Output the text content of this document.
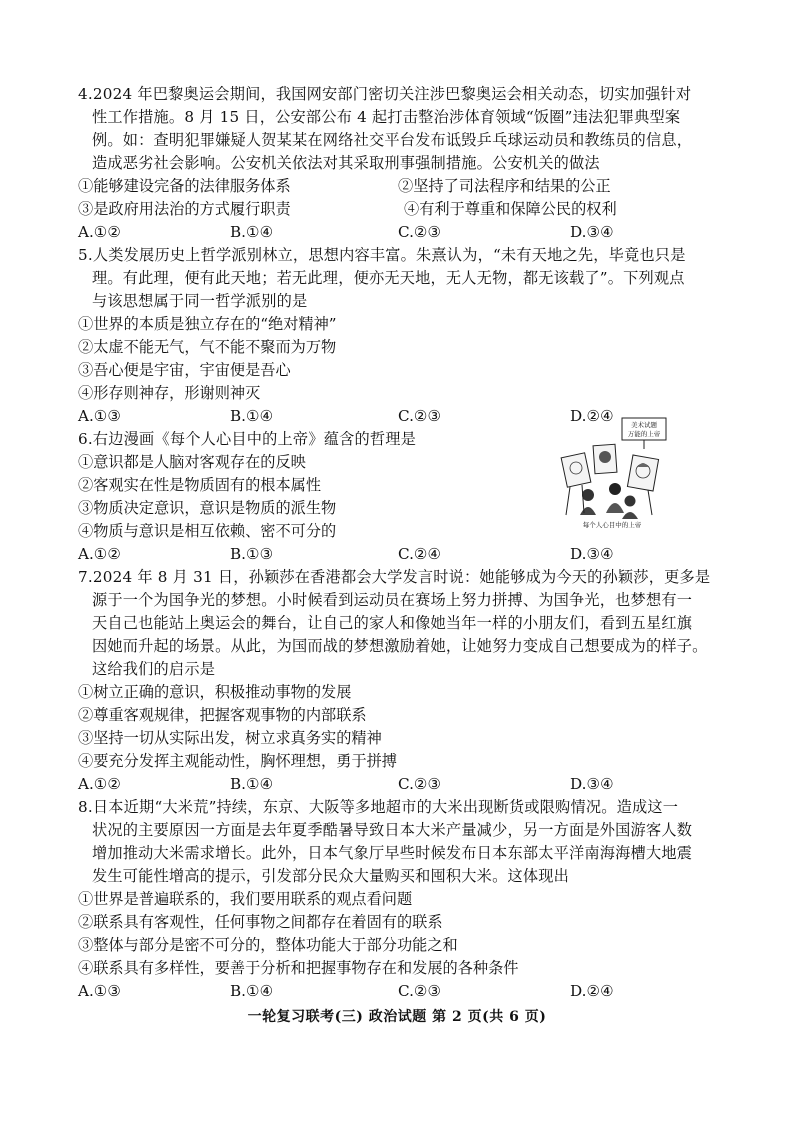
4.2024 年巴黎奥运会期间，我国网安部门密切关注涉巴黎奥运会相关动态，切实加强针对
性工作措施。8 月 15 日，公安部公布 4 起打击整治涉体育领域“饭圈”违法犯罪典型案
例。如：查明犯罪嫌疑人贺某某在网络社交平台发布诋毁乒乓球运动员和教练员的信息，
造成恶劣社会影响。公安机关依法对其采取刑事强制措施。公安机关的做法
①能够建设完备的法律服务体系	②坚持了司法程序和结果的公正
③是政府用法治的方式履行职责	④有利于尊重和保障公民的权利
A.①②	B.①④	C.②③	D.③④
5.人类发展历史上哲学派别林立，思想内容丰富。朱熹认为，“未有天地之先，毕竟也只是
理。有此理，便有此天地；若无此理，便亦无天地，无人无物，都无该载了”。下列观点
与该思想属于同一哲学派别的是
①世界的本质是独立存在的“绝对精神”
②太虚不能无气，气不能不聚而为万物
③吾心便是宇宙，宇宙便是吾心
④形存则神存，形谢则神灭
A.①③	B.①④	C.②③	D.②④
6.右边漫画《每个人心目中的上帝》蕴含的哲理是
①意识都是人脑对客观存在的反映
②客观实在性是物质固有的根本属性
③物质决定意识，意识是物质的派生物
④物质与意识是相互依赖、密不可分的
A.①②	B.①③	C.②④	D.③④
美术试题
万能的上帝
每个人心目中的上帝
7.2024 年 8 月 31 日，孙颖莎在香港都会大学发言时说：她能够成为今天的孙颖莎，更多是
源于一个为国争光的梦想。小时候看到运动员在赛场上努力拼搏、为国争光，也梦想有一
天自己也能站上奥运会的舞台，让自己的家人和像她当年一样的小朋友们，看到五星红旗
因她而升起的场景。从此，为国而战的梦想激励着她，让她努力变成自己想要成为的样子。
这给我们的启示是
①树立正确的意识，积极推动事物的发展
②尊重客观规律，把握客观事物的内部联系
③坚持一切从实际出发，树立求真务实的精神
④要充分发挥主观能动性，胸怀理想，勇于拼搏
A.①②	B.①④	C.②③	D.③④
8.日本近期“大米荒”持续，东京、大阪等多地超市的大米出现断货或限购情况。造成这一
状况的主要原因一方面是去年夏季酷暑导致日本大米产量减少，另一方面是外国游客人数
增加推动大米需求增长。此外，日本气象厅早些时候发布日本东部太平洋南海海槽大地震
发生可能性增高的提示，引发部分民众大量购买和囤积大米。这体现出
①世界是普遍联系的，我们要用联系的观点看问题
②联系具有客观性，任何事物之间都存在着固有的联系
③整体与部分是密不可分的，整体功能大于部分功能之和
④联系具有多样性，要善于分析和把握事物存在和发展的各种条件
A.①③	B.①④	C.②③	D.②④
一轮复习联考(三) 政治试题 第 2 页(共 6 页)
